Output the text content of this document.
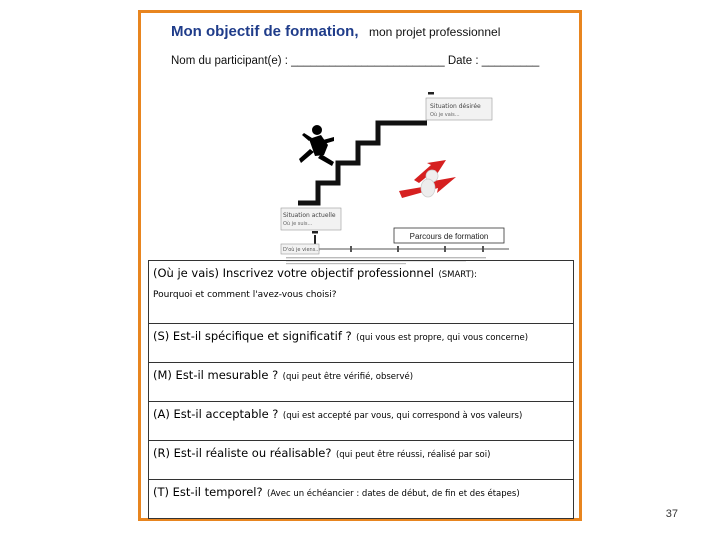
Mon objectif de formation, mon projet professionnel
Nom du participant(e) : ________________________ Date : _________
Situation désirée
Où je vais...
Situation actuelle
Où je suis...
D'où je viens...
Parcours de formation
(Où je vais) Inscrivez votre objectif professionnel (SMART):
Pourquoi et comment l'avez-vous choisi?
(S) Est-il spécifique et significatif ? (qui vous est propre, qui vous concerne)
(M) Est-il mesurable ? (qui peut être vérifié, observé)
(A) Est-il acceptable ? (qui est accepté par vous, qui correspond à vos valeurs)
(R) Est-il réaliste ou réalisable? (qui peut être réussi, réalisé par soi)
(T) Est-il temporel? (Avec un échéancier : dates de début, de fin et des étapes)
37
